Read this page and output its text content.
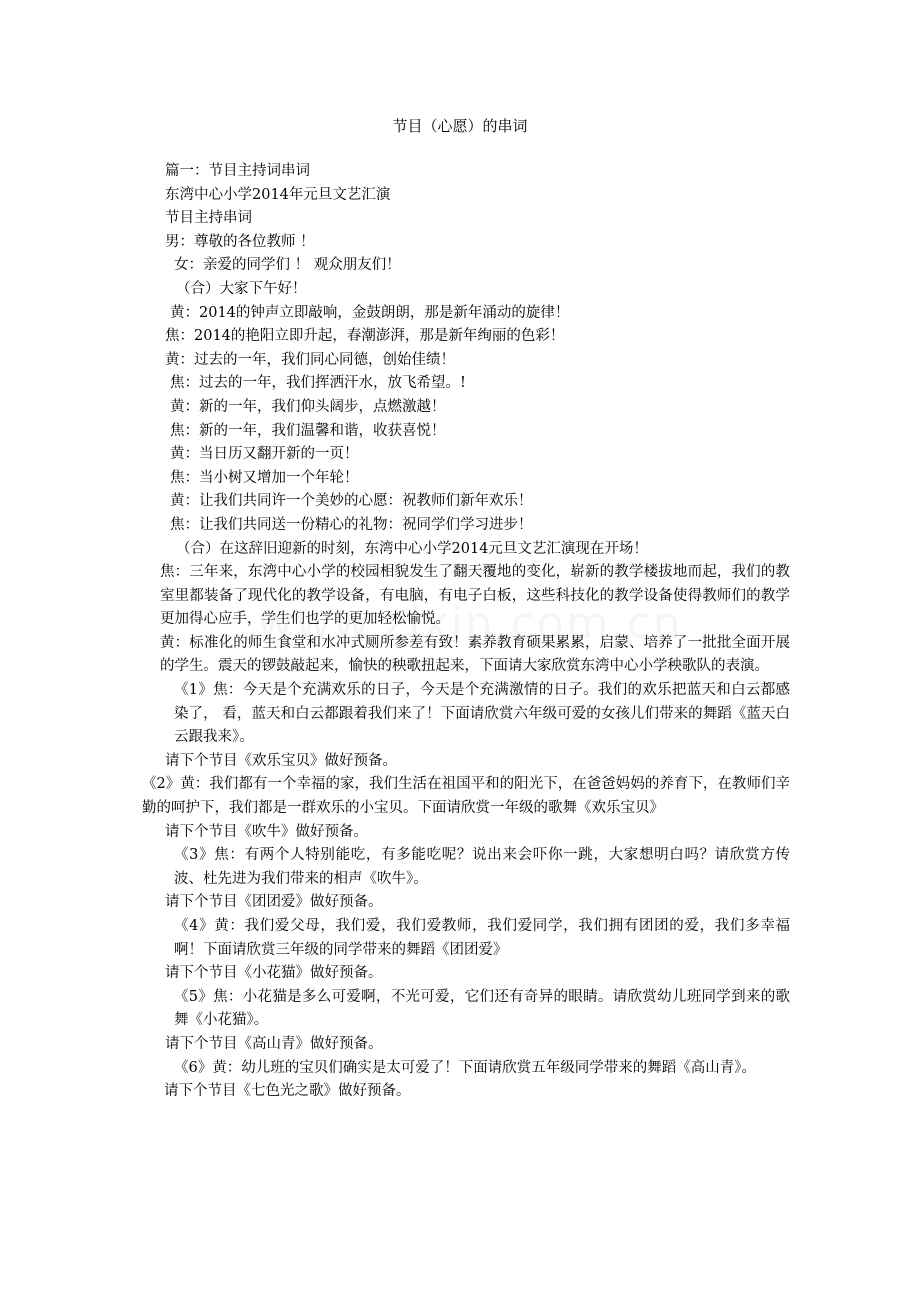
节目（心愿）的串词

篇一：节目主持词串词

东湾中心小学2014年元旦文艺汇演

节目主持串词

男：尊敬的各位教师 ！

女：亲爱的同学们 ！ 观众朋友们！

（合）大家下午好！

黄：2014的钟声立即敲响，金鼓朗朗，那是新年涌动的旋律！

焦：2014的艳阳立即升起，春潮澎湃，那是新年绚丽的色彩！

黄：过去的一年，我们同心同德，创始佳绩！

焦：过去的一年，我们挥洒汗水，放飞希望。!

黄：新的一年，我们仰头阔步，点燃激越！

焦：新的一年，我们温馨和谐，收获喜悦！

黄：当日历又翻开新的一页！

焦：当小树又增加一个年轮！

黄：让我们共同许一个美妙的心愿：祝教师们新年欢乐！

焦：让我们共同送一份精心的礼物：祝同学们学习进步！

（合）在这辞旧迎新的时刻，东湾中心小学2014元旦文艺汇演现在开场！

焦：三年来，东湾中心小学的校园相貌发生了翻天覆地的变化，崭新的教学楼拔地而起，我们的教室里都装备了现代化的教学设备，有电脑，有电子白板，这些科技化的教学设备使得教师们的教学更加得心应手，学生们也学的更加轻松愉悦。

黄：标准化的师生食堂和水冲式厕所参差有致！素养教育硕果累累，启蒙、培养了一批批全面开展的学生。震天的锣鼓敲起来，愉快的秧歌扭起来，下面请大家欣赏东湾中心小学秧歌队的表演。

《1》焦：今天是个充满欢乐的日子，今天是个充满激情的日子。我们的欢乐把蓝天和白云都感染了， 看，蓝天和白云都跟着我们来了！下面请欣赏六年级可爱的女孩儿们带来的舞蹈《蓝天白云跟我来》。

请下个节目《欢乐宝贝》做好预备。

《2》黄：我们都有一个幸福的家，我们生活在祖国平和的阳光下，在爸爸妈妈的养育下，在教师们辛勤的呵护下，我们都是一群欢乐的小宝贝。下面请欣赏一年级的歌舞《欢乐宝贝》

请下个节目《吹牛》做好预备。

《3》焦：有两个人特别能吃，有多能吃呢？说出来会吓你一跳，大家想明白吗？请欣赏方传波、杜先进为我们带来的相声《吹牛》。

请下个节目《团团爱》做好预备。

《4》黄：我们爱父母，我们爱，我们爱教师，我们爱同学，我们拥有团团的爱，我们多幸福啊！下面请欣赏三年级的同学带来的舞蹈《团团爱》

请下个节目《小花猫》做好预备。

《5》焦：小花猫是多么可爱啊，不光可爱，它们还有奇异的眼睛。请欣赏幼儿班同学到来的歌舞《小花猫》。

请下个节目《高山青》做好预备。

《6》黄：幼儿班的宝贝们确实是太可爱了！下面请欣赏五年级同学带来的舞蹈《高山青》。

请下个节目《七色光之歌》做好预备。
